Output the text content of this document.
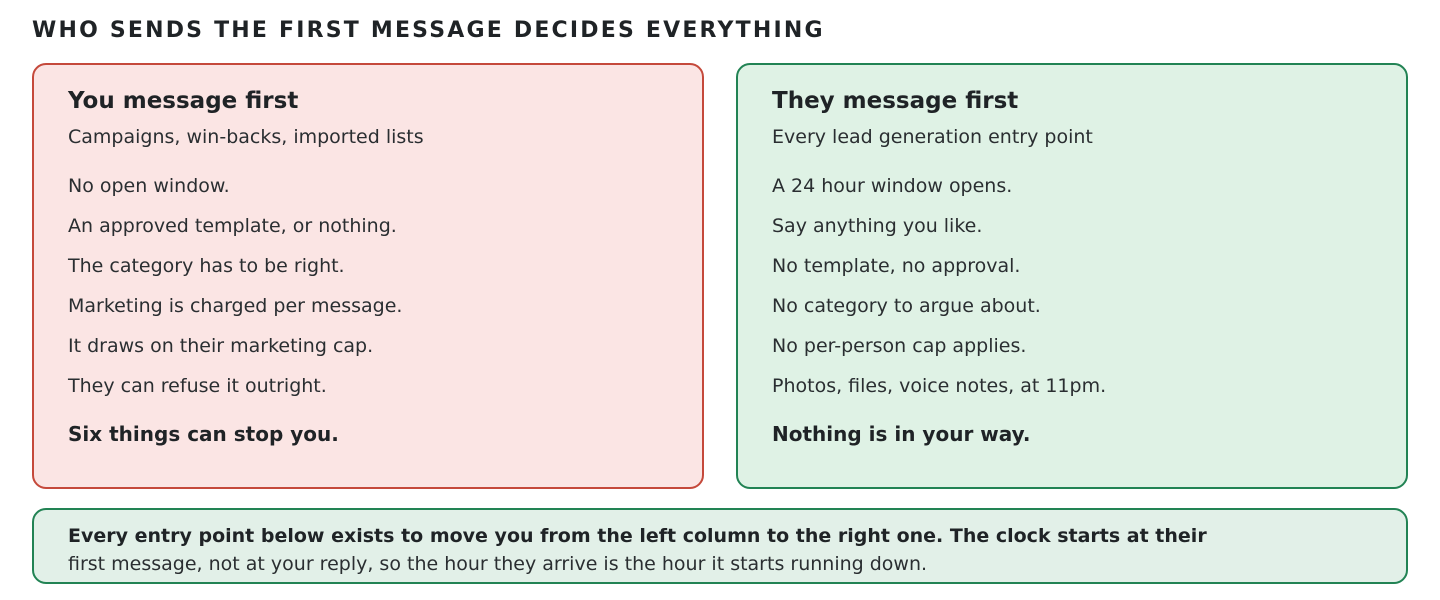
WHO SENDS THE FIRST MESSAGE DECIDES EVERYTHING
You message first
Campaigns, win-backs, imported lists
No open window.
An approved template, or nothing.
The category has to be right.
Marketing is charged per message.
It draws on their marketing cap.
They can refuse it outright.
Six things can stop you.
They message first
Every lead generation entry point
A 24 hour window opens.
Say anything you like.
No template, no approval.
No category to argue about.
No per-person cap applies.
Photos, files, voice notes, at 11pm.
Nothing is in your way.
Every entry point below exists to move you from the left column to the right one. The clock starts at their
first message, not at your reply, so the hour they arrive is the hour it starts running down.
